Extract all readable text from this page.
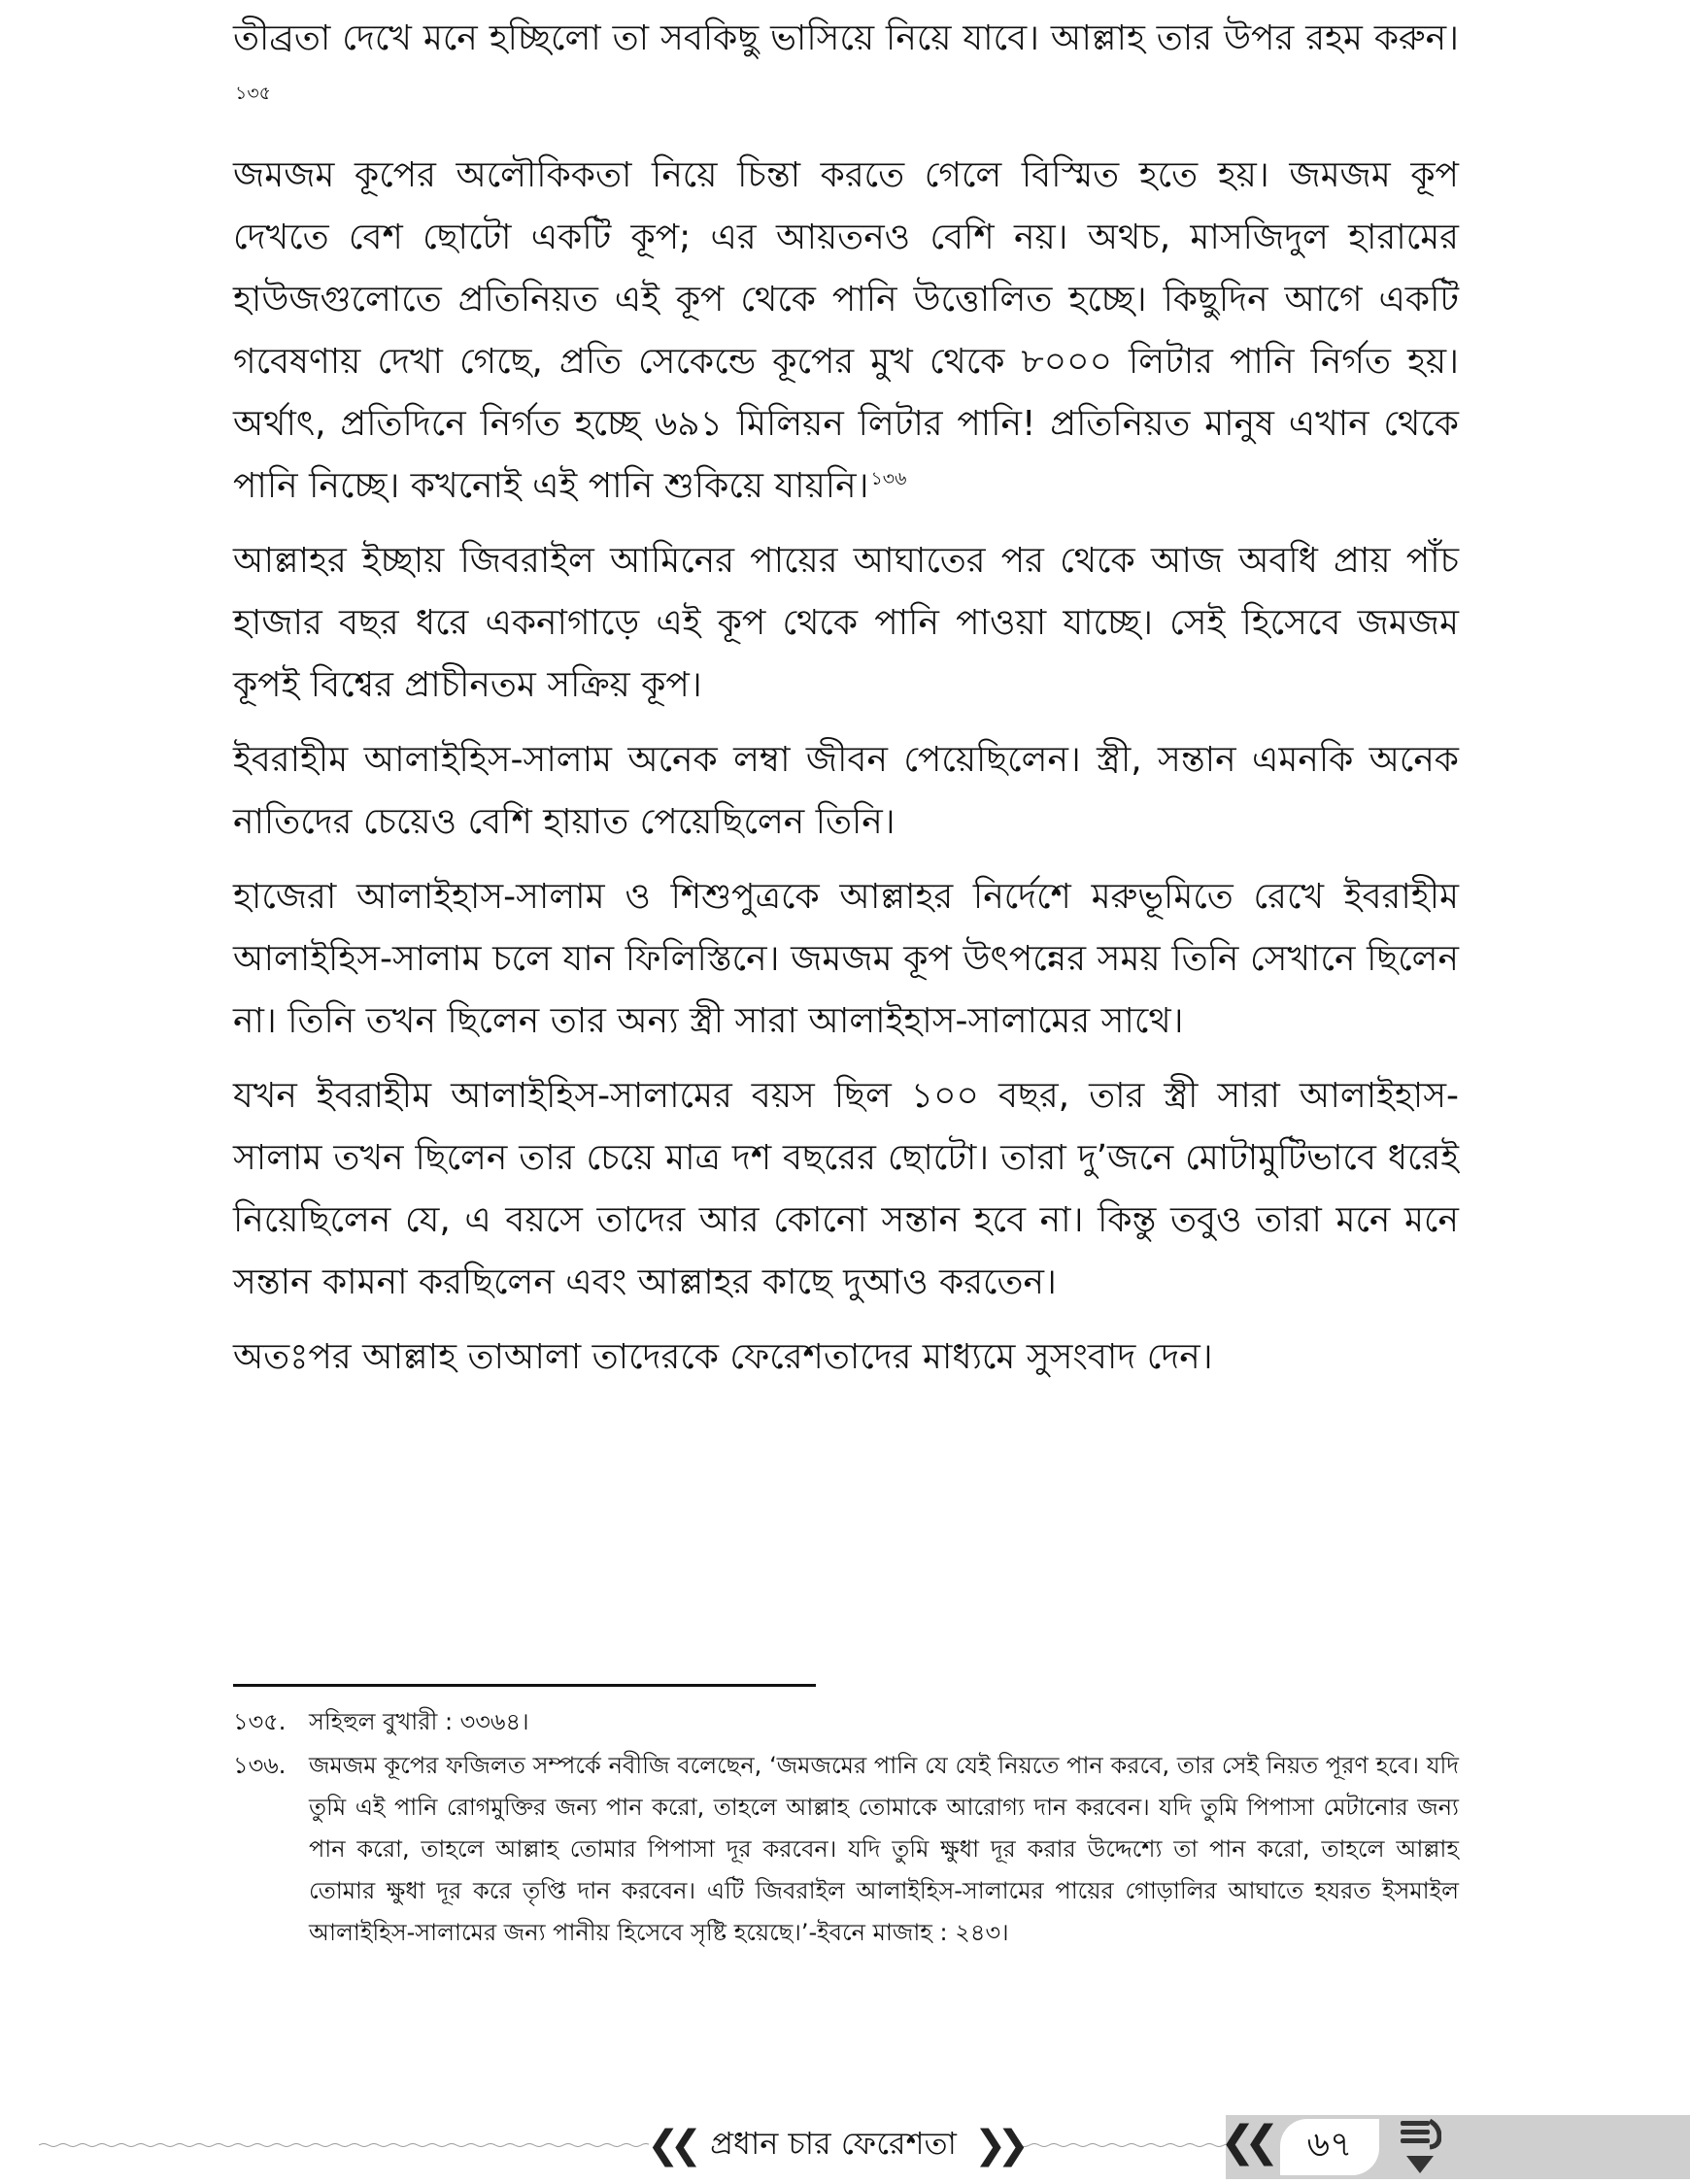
তীব্রতা দেখে মনে হচ্ছিলো তা সবকিছু ভাসিয়ে নিয়ে যাবে। আল্লাহ তার উপর রহম করুন।$^{১৩৫}$

জমজম কূপের অলৌকিকতা নিয়ে চিন্তা করতে গেলে বিস্মিত হতে হয়। জমজম কূপ দেখতে বেশ ছোটো একটি কূপ; এর আয়তনও বেশি নয়। অথচ, মাসজিদুল হারামের হাউজগুলোতে প্রতিনিয়ত এই কূপ থেকে পানি উত্তোলিত হচ্ছে। কিছুদিন আগে একটি গবেষণায় দেখা গেছে, প্রতি সেকেন্ডে কূপের মুখ থেকে ৮০০০ লিটার পানি নির্গত হয়। অর্থাৎ, প্রতিদিনে নির্গত হচ্ছে ৬৯১ মিলিয়ন লিটার পানি! প্রতিনিয়ত মানুষ এখান থেকে পানি নিচ্ছে। কখনোই এই পানি শুকিয়ে যায়নি। $^{১৩৬}$

আল্লাহর ইচ্ছায় জিবরাইল আমিনের পায়ের আঘাতের পর থেকে আজ অবধি প্রায় পাঁচ হাজার বছর ধরে একনাগাড়ে এই কূপ থেকে পানি পাওয়া যাচ্ছে। সেই হিসেবে জমজম কূপই বিশ্বের প্রাচীনতম সক্রিয় কূপ।

ইবরাহীম আলাইহিস-সালাম অনেক লম্বা জীবন পেয়েছিলেন। স্ত্রী, সন্তান এমনকি অনেক নাতিদের চেয়েও বেশি হায়াত পেয়েছিলেন তিনি।

হাজেরা আলাইহাস-সালাম ও শিশুপুত্রকে আল্লাহর নির্দেশে মরুভূমিতে রেখে ইবরাহীম আলাইহিস-সালাম চলে যান ফিলিস্তিনে। জমজম কূপ উৎপন্নের সময় তিনি সেখানে ছিলেন না। তিনি তখন ছিলেন তার অন্য স্ত্রী সারা আলাইহাস-সালামের সাথে।

যখন ইবরাহীম আলাইহিস-সালামের বয়স ছিল ১০০ বছর, তার স্ত্রী সারা আলাইহাস-সালাম তখন ছিলেন তার চেয়ে মাত্র দশ বছরের ছোটো। তারা দু’জনে মোটামুটিভাবে ধরেই নিয়েছিলেন যে, এ বয়সে তাদের আর কোনো সন্তান হবে না। কিন্তু তবুও তারা মনে মনে সন্তান কামনা করছিলেন এবং আল্লাহর কাছে দুআও করতেন।

অতঃপর আল্লাহ তাআলা তাদেরকে ফেরেশতাদের মাধ্যমে সুসংবাদ দেন।

১৩৫. সহিহুল বুখারী : ৩৩৬৪।
১৩৬. জমজম কূপের ফজিলত সম্পর্কে নবীজি বলেছেন, ‘জমজমের পানি যে যেই নিয়তে পান করবে, তার সেই নিয়ত পূরণ হবে। যদি তুমি এই পানি রোগমুক্তির জন্য পান করো, তাহলে আল্লাহ তোমাকে আরোগ্য দান করবেন। যদি তুমি পিপাসা মেটানোর জন্য পান করো, তাহলে আল্লাহ তোমার পিপাসা দূর করবেন। যদি তুমি ক্ষুধা দূর করার উদ্দেশ্যে তা পান করো, তাহলে আল্লাহ তোমার ক্ষুধা দূর করে তৃপ্তি দান করবেন। এটি জিবরাইল আলাইহিস-সালামের পায়ের গোড়ালির আঘাতে হযরত ইসমাইল আলাইহিস-সালামের জন্য পানীয় হিসেবে সৃষ্টি হয়েছে।’-ইবনে মাজাহ : ২৪৩।
❮❮ প্রধান চার ফেরেশতা ❯❯	❮❮	৬৭
